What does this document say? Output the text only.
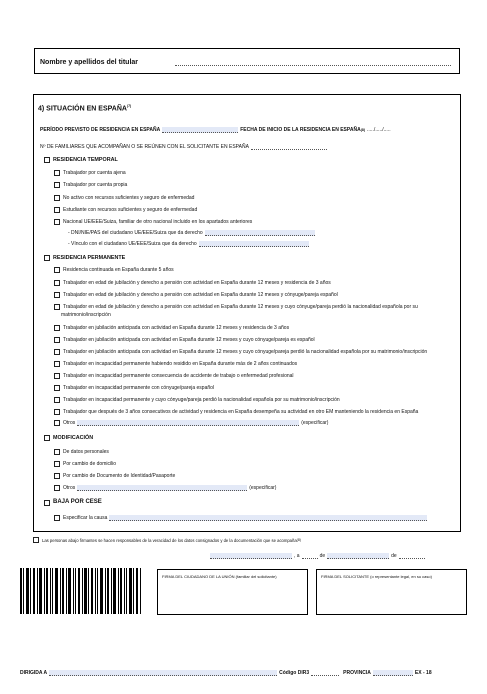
Nombre y apellidos del titular
4) SITUACIÓN EN ESPAÑA$^{(7)}$
PERÍODO PREVISTO DE RESIDENCIA EN ESPAÑA	FECHA DE INICIO DE LA RESIDENCIA EN ESPAÑA (8) ...../...../.....
Nº DE FAMILIARES QUE ACOMPAÑAN O SE REÚNEN CON EL SOLICITANTE EN ESPAÑA
RESIDENCIA TEMPORAL
Trabajador por cuenta ajena
Trabajador por cuenta propia
No activo con recursos suficientes y seguro de enfermedad
Estudiante con recursos suficientes y seguro de enfermedad
Nacional UE/EEE/Suiza, familiar de otro nacional incluido en los apartados anteriores
- DNI/NIE/PAS del ciudadano UE/EEE/Suiza que da derecho
- Vínculo con el ciudadano UE/EEE/Suiza que da derecho
RESIDENCIA PERMANENTE
Residencia continuada en España durante 5 años
Trabajador en edad de jubilación y derecho a pensión con actividad en España durante 12 meses y residencia de 3 años
Trabajador en edad de jubilación y derecho a pensión con actividad en España durante 12 meses y cónyuge/pareja español
Trabajador en edad de jubilación y derecho a pensión con actividad en España durante 12 meses y cuyo cónyuge/pareja perdió la nacionalidad española por su
matrimonio/inscripción
Trabajador en jubilación anticipada con actividad en España durante 12 meses y residencia de 3 años
Trabajador en jubilación anticipada con actividad en España durante 12 meses y cuyo cónyuge/pareja es español
Trabajador en jubilación anticipada con actividad en España durante 12 meses y cuyo cónyuge/pareja perdió la nacionalidad española por su matrimonio/inscripción
Trabajador en incapacidad permanente habiendo residido en España durante más de 2 años continuados
Trabajador en incapacidad permanente consecuencia de accidente de trabajo o enfermedad profesional
Trabajador en incapacidad permanente con cónyuge/pareja español
Trabajador en incapacidad permanente y cuyo cónyuge/pareja perdió la nacionalidad española por su matrimonio/inscripción
Trabajador que después de 3 años consecutivos de actividad y residencia en España desempeña su actividad en otro EM manteniendo la residencia en España
Otros	(especificar)
MODIFICACIÓN
De datos personales
Por cambio de domicilio
Por cambio de Documento de Identidad/Pasaporte
Otros	(especificar)
BAJA POR CESE
Especificar la causa
Las personas abajo firmantes se hacen responsables de la veracidad de los datos consignados y de la documentación que se acompaña (8)
, a	de	de
FIRMA DEL CIUDADANO DE LA UNIÓN (familiar del solicitante)	FIRMA DEL SOLICITANTE (o representante legal, en su caso)
DIRIGIDA A	Código DIR3	PROVINCIA	EX - 18
